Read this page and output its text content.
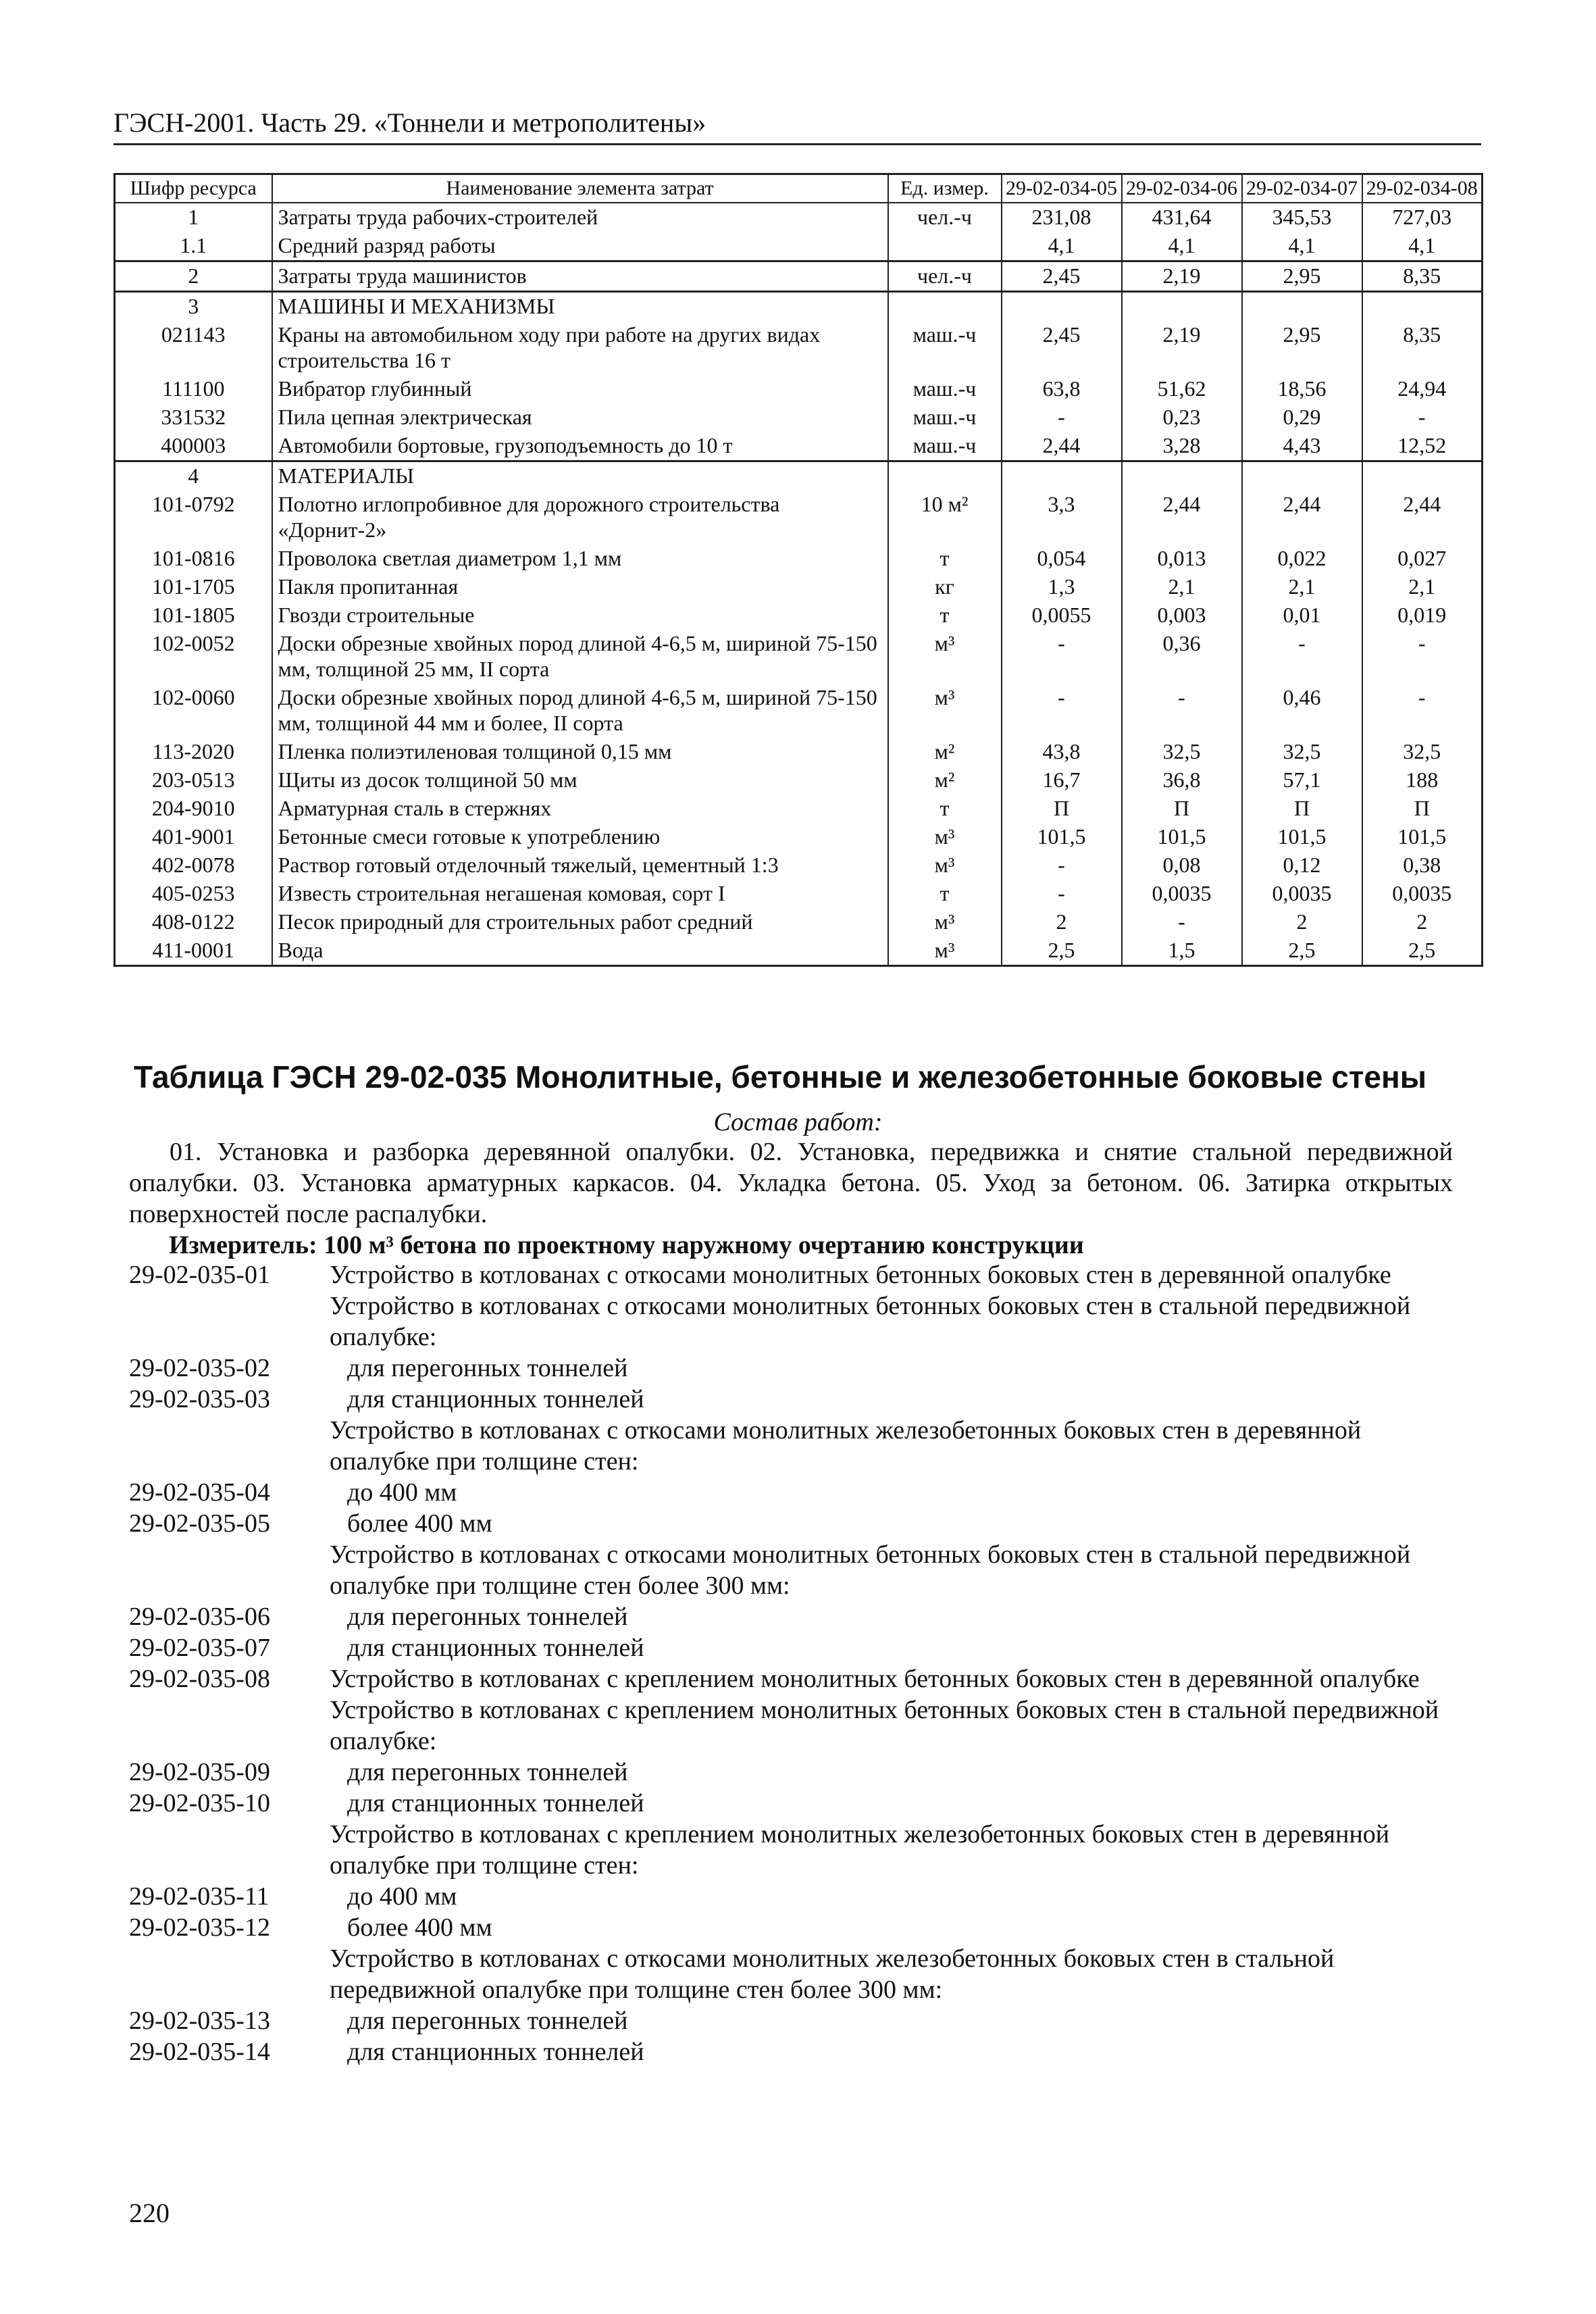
ГЭСН-2001. Часть 29. «Тоннели и метрополитены»
Шифр ресурса	Наименование элемента затрат	Ед. измер.	29-02-034-05	29-02-034-06	29-02-034-07	29-02-034-08
1	Затраты труда рабочих-строителей	чел.-ч	231,08	431,64	345,53	727,03
1.1	Средний разряд работы		4,1	4,1	4,1	4,1
2	Затраты труда машинистов	чел.-ч	2,45	2,19	2,95	8,35
3	МАШИНЫ И МЕХАНИЗМЫ					
021143	Краны на автомобильном ходу при работе на других видах строительства 16 т	маш.-ч	2,45	2,19	2,95	8,35
111100	Вибратор глубинный	маш.-ч	63,8	51,62	18,56	24,94
331532	Пила цепная электрическая	маш.-ч	-	0,23	0,29	-
400003	Автомобили бортовые, грузоподъемность до 10 т	маш.-ч	2,44	3,28	4,43	12,52
4	МАТЕРИАЛЫ					
101-0792	Полотно иглопробивное для дорожного строительства «Дорнит-2»	10 м²	3,3	2,44	2,44	2,44
101-0816	Проволока светлая диаметром 1,1 мм	т	0,054	0,013	0,022	0,027
101-1705	Пакля пропитанная	кг	1,3	2,1	2,1	2,1
101-1805	Гвозди строительные	т	0,0055	0,003	0,01	0,019
102-0052	Доски обрезные хвойных пород длиной 4-6,5 м, шириной 75-150 мм, толщиной 25 мм, II сорта	м³	-	0,36	-	-
102-0060	Доски обрезные хвойных пород длиной 4-6,5 м, шириной 75-150 мм, толщиной 44 мм и более, II сорта	м³	-	-	0,46	-
113-2020	Пленка полиэтиленовая толщиной 0,15 мм	м²	43,8	32,5	32,5	32,5
203-0513	Щиты из досок толщиной 50 мм	м²	16,7	36,8	57,1	188
204-9010	Арматурная сталь в стержнях	т	П	П	П	П
401-9001	Бетонные смеси готовые к употреблению	м³	101,5	101,5	101,5	101,5
402-0078	Раствор готовый отделочный тяжелый, цементный 1:3	м³	-	0,08	0,12	0,38
405-0253	Известь строительная негашеная комовая, сорт I	т	-	0,0035	0,0035	0,0035
408-0122	Песок природный для строительных работ средний	м³	2	-	2	2
411-0001	Вода	м³	2,5	1,5	2,5	2,5
Таблица ГЭСН 29-02-035 Монолитные, бетонные и железобетонные боковые стены
Состав работ:
01. Установка и разборка деревянной опалубки. 02. Установка, передвижка и снятие стальной передвижной опалубки. 03. Установка арматурных каркасов. 04. Укладка бетона. 05. Уход за бетоном. 06. Затирка открытых поверхностей после распалубки.
Измеритель: 100 м³ бетона по проектному наружному очертанию конструкции
29-02-035-01	Устройство в котлованах с откосами монолитных бетонных боковых стен в деревянной опалубке
Устройство в котлованах с откосами монолитных бетонных боковых стен в стальной передвижной опалубке:
29-02-035-02	для перегонных тоннелей
29-02-035-03	для станционных тоннелей
Устройство в котлованах с откосами монолитных железобетонных боковых стен в деревянной опалубке при толщине стен:
29-02-035-04	до 400 мм
29-02-035-05	более 400 мм
Устройство в котлованах с откосами монолитных бетонных боковых стен в стальной передвижной опалубке при толщине стен более 300 мм:
29-02-035-06	для перегонных тоннелей
29-02-035-07	для станционных тоннелей
29-02-035-08	Устройство в котлованах с креплением монолитных бетонных боковых стен в деревянной опалубке
Устройство в котлованах с креплением монолитных бетонных боковых стен в стальной передвижной опалубке:
29-02-035-09	для перегонных тоннелей
29-02-035-10	для станционных тоннелей
Устройство в котлованах с креплением монолитных железобетонных боковых стен в деревянной опалубке при толщине стен:
29-02-035-11	до 400 мм
29-02-035-12	более 400 мм
Устройство в котлованах с откосами монолитных железобетонных боковых стен в стальной передвижной опалубке при толщине стен более 300 мм:
29-02-035-13	для перегонных тоннелей
29-02-035-14	для станционных тоннелей
220
